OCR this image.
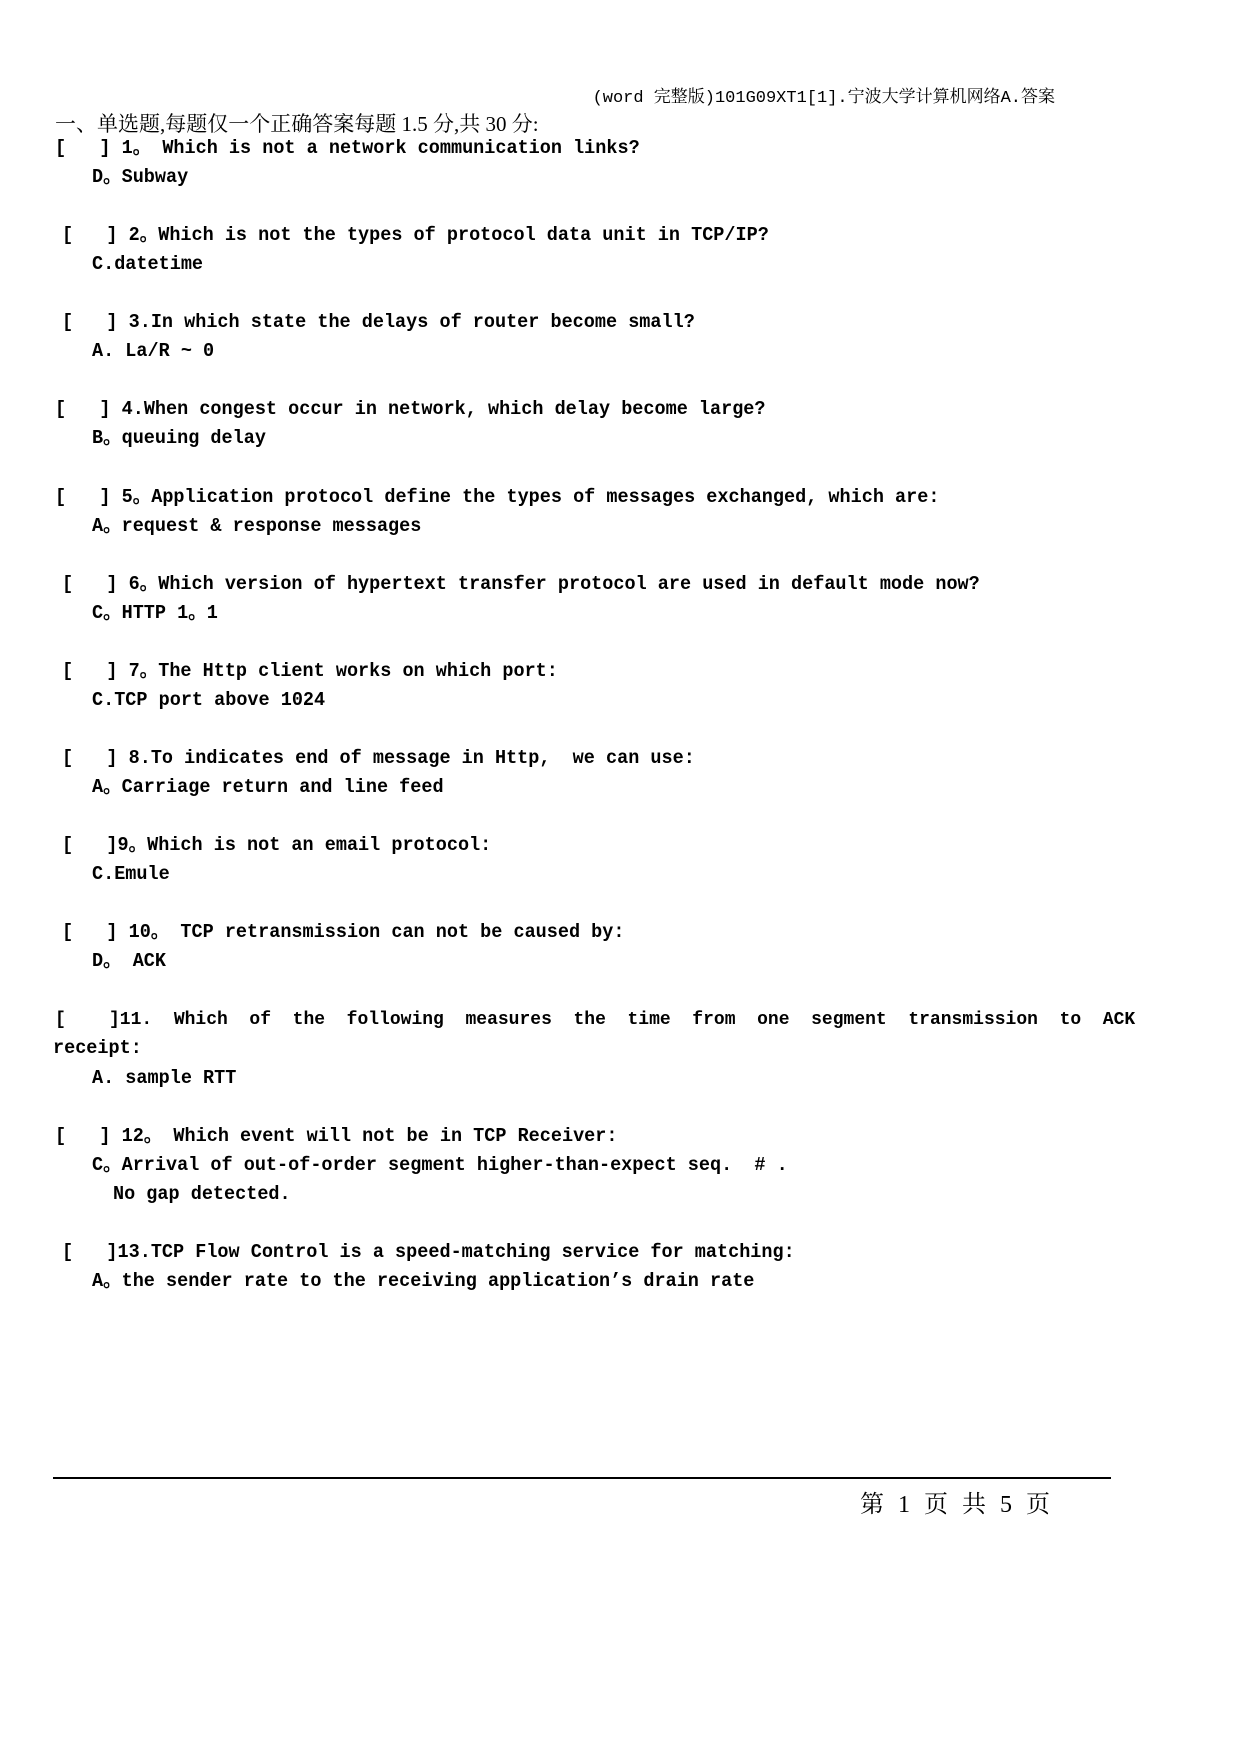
(word 完整版)101G09XT1[1].宁波大学计算机网络A.答案
一、单选题,每题仅一个正确答案每题 1.5 分,共 30 分:
[   ] 1。 Which is not a network communication links?
D。Subway
[   ] 2。Which is not the types of protocol data unit in TCP/IP?
C.datetime
[   ] 3.In which state the delays of router become small?
A. La/R ~ 0
[   ] 4.When congest occur in network, which delay become large?
B。queuing delay
[   ] 5。Application protocol define the types of messages exchanged, which are:
A。request & response messages
[   ] 6。Which version of hypertext transfer protocol are used in default mode now?
C。HTTP 1。1
[   ] 7。The Http client works on which port:
C.TCP port above 1024
[   ] 8.To indicates end of message in Http,  we can use:
A。Carriage return and line feed
[   ]9。Which is not an email protocol:
C.Emule
[   ] 10。 TCP retransmission can not be caused by:
D。 ACK
[    ]11.  Which  of  the  following  measures  the  time  from  one  segment  transmission  to  ACK
receipt:
A. sample RTT
[   ] 12。 Which event will not be in TCP Receiver:
C。Arrival of out-of-order segment higher-than-expect seq.  # .
No gap detected.
[   ]13.TCP Flow Control is a speed-matching service for matching:
A。the sender rate to the receiving application’s drain rate
第 1 页 共 5 页
